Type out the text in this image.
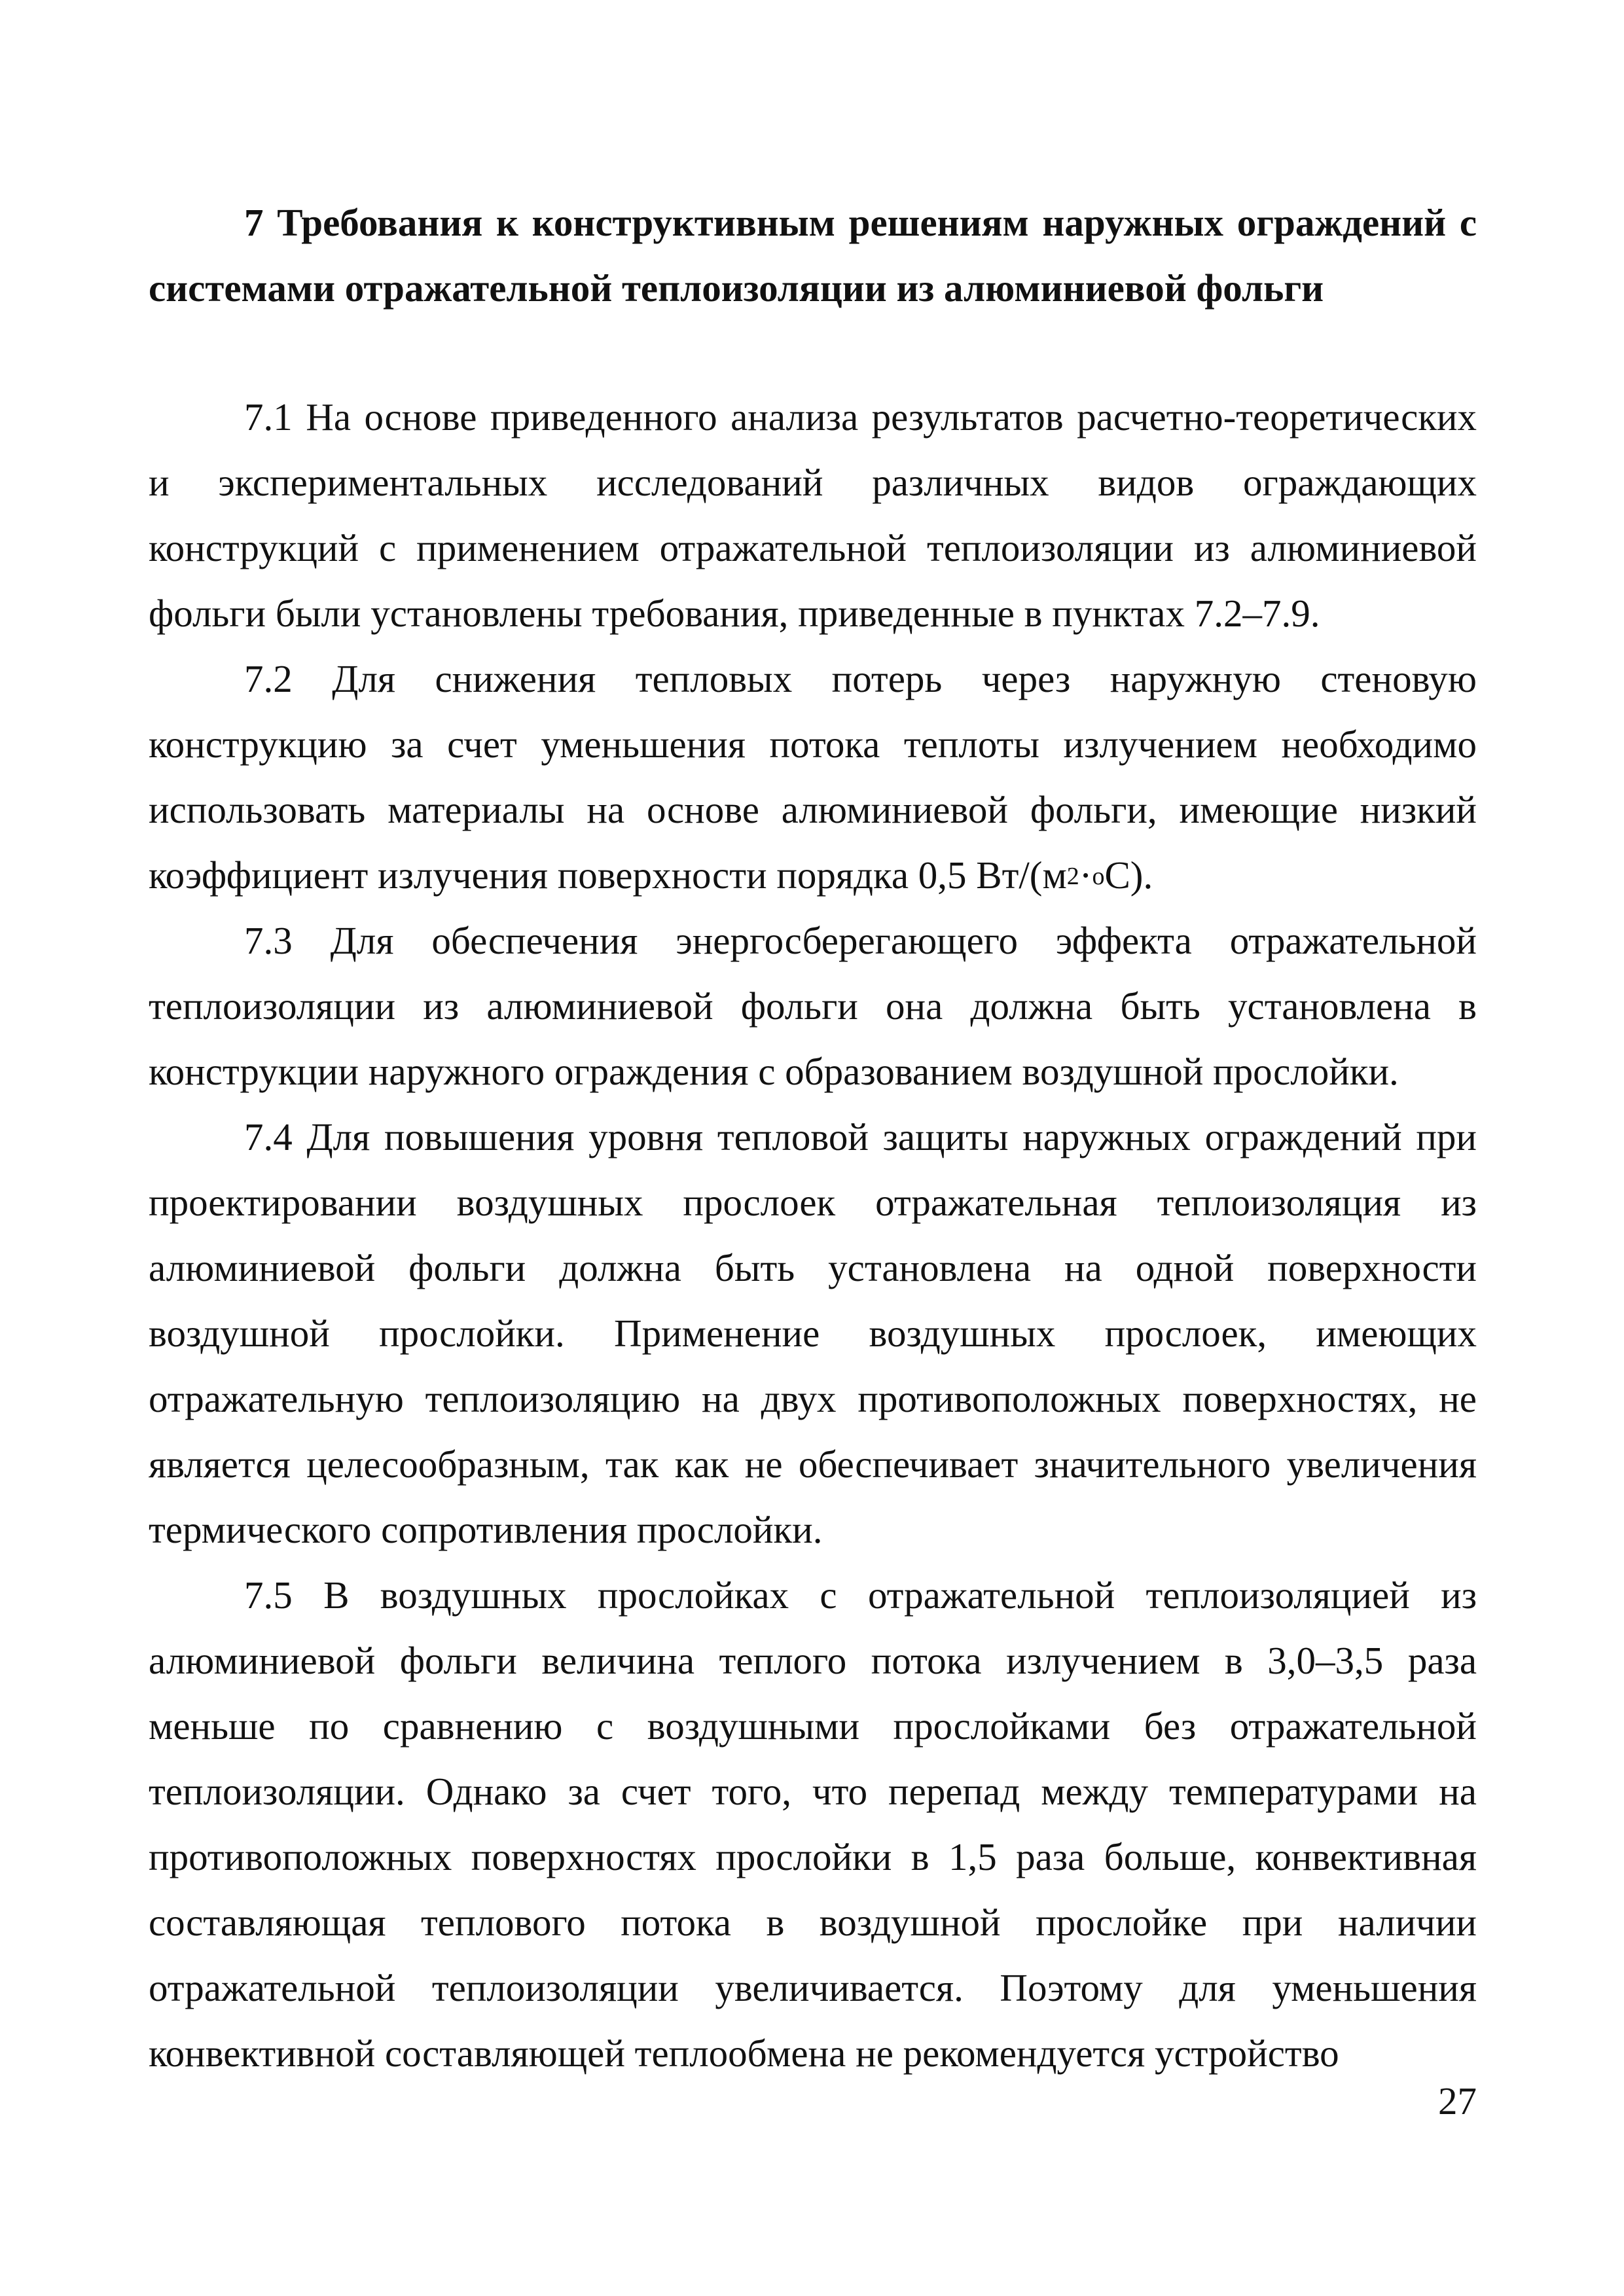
7 Требования к конструктивным решениям наружных ограждений с системами отражательной теплоизоляции из алюминиевой фольги

7.1 На основе приведенного анализа результатов расчетно-теоретических и экспериментальных исследований различных видов ограждающих конструкций с применением отражательной теплоизоляции из алюминиевой фольги были установлены требования, приведенные в пунктах 7.2–7.9.

7.2 Для снижения тепловых потерь через наружную стеновую конструкцию за счет уменьшения потока теплоты излучением необходимо использовать материалы на основе алюминиевой фольги, имеющие низкий коэффициент излучения поверхности порядка 0,5 $Вт/(м^2\cdot^oС)$.

7.3 Для обеспечения энергосберегающего эффекта отражательной теплоизоляции из алюминиевой фольги она должна быть установлена в конструкции наружного ограждения с образованием воздушной прослойки.

7.4 Для повышения уровня тепловой защиты наружных ограждений при проектировании воздушных прослоек отражательная теплоизоляция из алюминиевой фольги должна быть установлена на одной поверхности воздушной прослойки. Применение воздушных прослоек, имеющих отражательную теплоизоляцию на двух противоположных поверхностях, не является целесообразным, так как не обеспечивает значительного увеличения термического сопротивления прослойки.

7.5 В воздушных прослойках с отражательной теплоизоляцией из алюминиевой фольги величина теплого потока излучением в 3,0–3,5 раза меньше по сравнению с воздушными прослойками без отражательной теплоизоляции. Однако за счет того, что перепад между температурами на противоположных поверхностях прослойки в 1,5 раза больше, конвективная составляющая теплового потока в воздушной прослойке при наличии отражательной теплоизоляции увеличивается. Поэтому для уменьшения конвективной составляющей теплообмена не рекомендуется устройство

27
